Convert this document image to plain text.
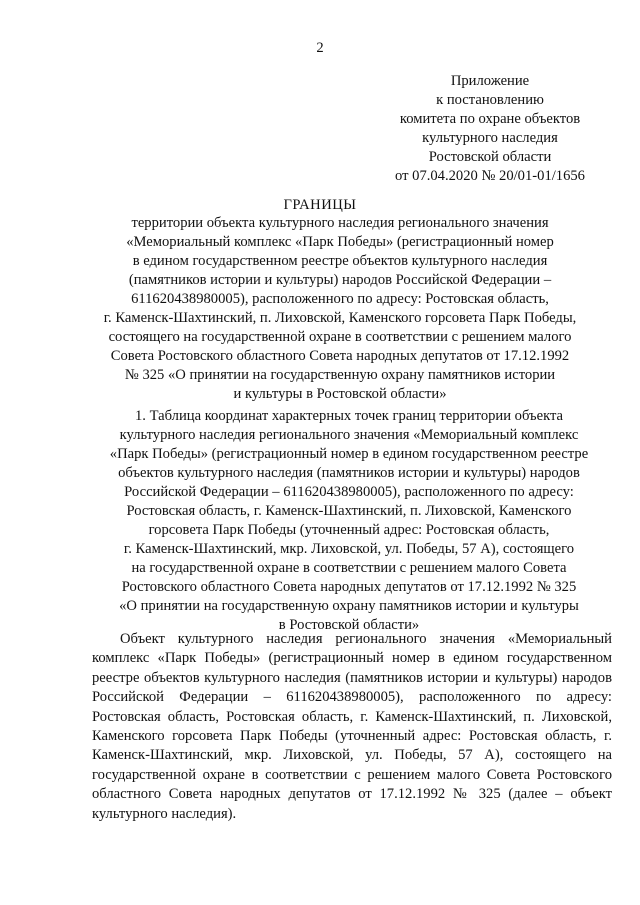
2
Приложение
к постановлению
комитета по охране объектов
культурного наследия
Ростовской области
от 07.04.2020 № 20/01-01/1656
ГРАНИЦЫ
территории объекта культурного наследия регионального значения
«Мемориальный комплекс «Парк Победы» (регистрационный номер
в едином государственном реестре объектов культурного наследия
(памятников истории и культуры) народов Российской Федерации –
611620438980005), расположенного по адресу: Ростовская область,
г. Каменск-Шахтинский, п. Лиховской, Каменского горсовета Парк Победы,
состоящего на государственной охране в соответствии с решением малого
Совета Ростовского областного Совета народных депутатов от 17.12.1992
№ 325 «О принятии на государственную охрану памятников истории
и культуры в Ростовской области»
1. Таблица координат характерных точек границ территории объекта
культурного наследия регионального значения «Мемориальный комплекс
«Парк Победы» (регистрационный номер в едином государственном реестре
объектов культурного наследия (памятников истории и культуры) народов
Российской Федерации – 611620438980005), расположенного по адресу:
Ростовская область, г. Каменск-Шахтинский, п. Лиховской, Каменского
горсовета Парк Победы (уточненный адрес: Ростовская область,
г. Каменск-Шахтинский, мкр. Лиховской, ул. Победы, 57 А), состоящего
на государственной охране в соответствии с решением малого Совета
Ростовского областного Совета народных депутатов от 17.12.1992 № 325
«О принятии на государственную охрану памятников истории и культуры
в Ростовской области»

Объект культурного наследия регионального значения «Мемориальный комплекс «Парк Победы» (регистрационный номер в едином государственном реестре объектов культурного наследия (памятников истории и культуры) народов Российской Федерации – 611620438980005), расположенного по адресу: Ростовская область, Ростовская область, г. Каменск-Шахтинский, п. Лиховской, Каменского горсовета Парк Победы (уточненный адрес: Ростовская область, г. Каменск-Шахтинский, мкр. Лиховской, ул. Победы, 57 А), состоящего на государственной охране в соответствии с решением малого Совета Ростовского областного Совета народных депутатов от 17.12.1992 № 325 (далее – объект культурного наследия).
